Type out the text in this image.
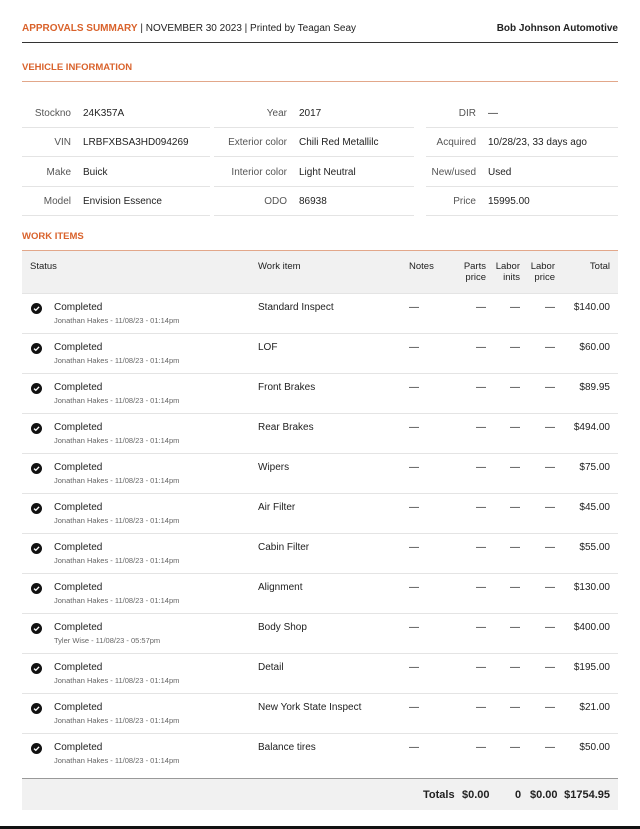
APPROVALS SUMMARY | NOVEMBER 30 2023 | Printed by Teagan Seay	Bob Johnson Automotive
VEHICLE INFORMATION
Stockno 24K357A	Year 2017	DIR —
VIN LRBFXBSA3HD094269	Exterior color Chili Red Metallilc	Acquired 10/28/23, 33 days ago
Make Buick	Interior color Light Neutral	New/used Used
Model Envision Essence	ODO 86938	Price 15995.00
WORK ITEMS
Status	Work item	Notes	Parts price	Labor inits	Labor price	Total

Completed
Jonathan Hakes - 11/08/23 - 01:14pm	Standard Inspect	—	—	—	—	$140.00

Completed
Jonathan Hakes - 11/08/23 - 01:14pm	LOF	—	—	—	—	$60.00

Completed
Jonathan Hakes - 11/08/23 - 01:14pm	Front Brakes	—	—	—	—	$89.95

Completed
Jonathan Hakes - 11/08/23 - 01:14pm	Rear Brakes	—	—	—	—	$494.00

Completed
Jonathan Hakes - 11/08/23 - 01:14pm	Wipers	—	—	—	—	$75.00

Completed
Jonathan Hakes - 11/08/23 - 01:14pm	Air Filter	—	—	—	—	$45.00

Completed
Jonathan Hakes - 11/08/23 - 01:14pm	Cabin Filter	—	—	—	—	$55.00

Completed
Jonathan Hakes - 11/08/23 - 01:14pm	Alignment	—	—	—	—	$130.00

Completed
Tyler Wise - 11/08/23 - 05:57pm	Body Shop	—	—	—	—	$400.00

Completed
Jonathan Hakes - 11/08/23 - 01:14pm	Detail	—	—	—	—	$195.00

Completed
Jonathan Hakes - 11/08/23 - 01:14pm	New York State Inspect	—	—	—	—	$21.00

Completed
Jonathan Hakes - 11/08/23 - 01:14pm	Balance tires	—	—	—	—	$50.00
Totals $0.00 0 $0.00 $1754.95
